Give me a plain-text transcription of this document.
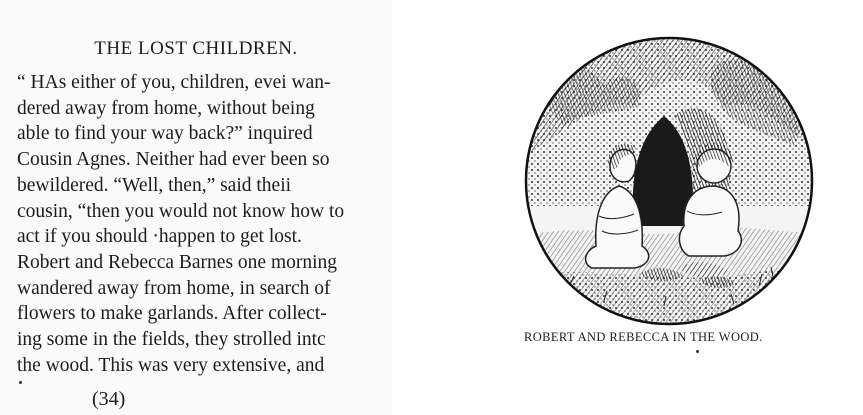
THE LOST CHILDREN.
“ HAs either of you, children, evei wan-
dered away from home, without being
able to find your way back?” inquired
Cousin Agnes. Neither had ever been so
bewildered. “Well, then,” said theii
cousin, “then you would not know how to
act if you should ·happen to get lost.
Robert and Rebecca Barnes one morning
wandered away from home, in search of
flowers to make garlands. After collect-
ing some in the fields, they strolled intc
the wood. This was very extensive, and
(34)
ROBERT AND REBECCA IN THE WOOD.
